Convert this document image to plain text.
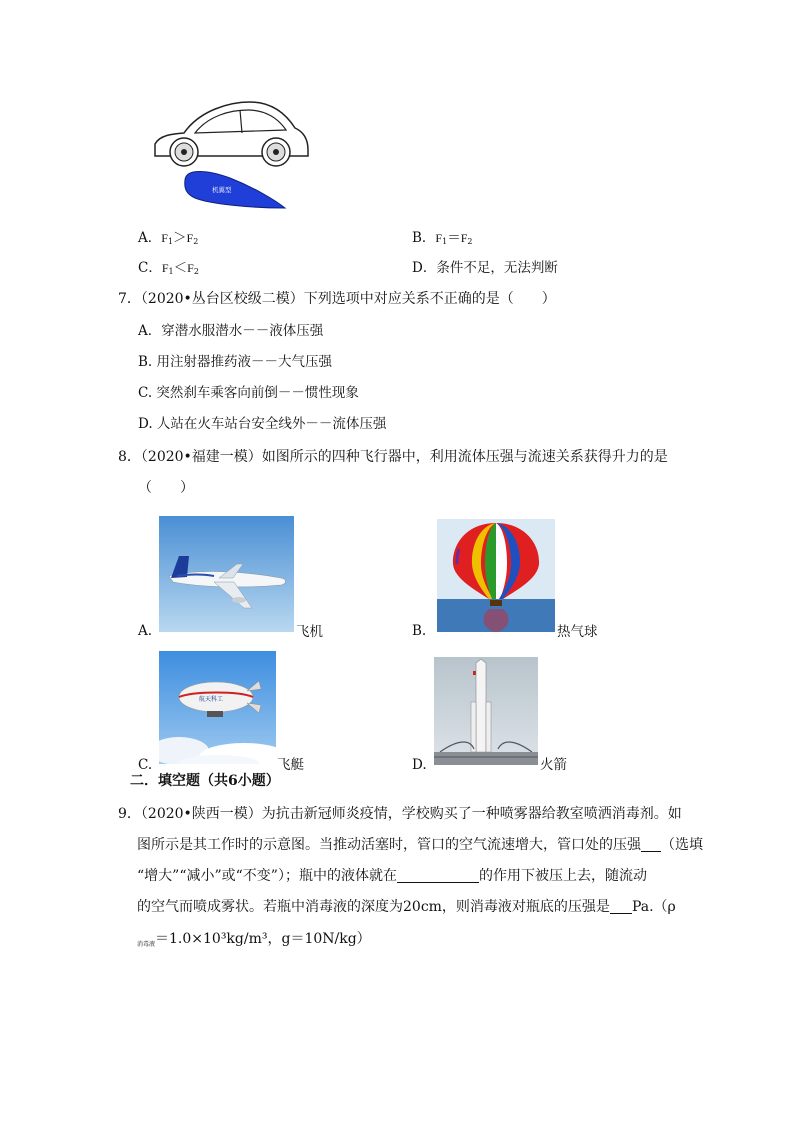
机翼型
A．$F_1>F_2$	B．$F_1=F_2$
C．$F_1<F_2$	D．条件不足，无法判断
7．（2020•丛台区校级二模）下列选项中对应关系不正确的是（　　）
A．穿潜水服潜水－－液体压强
B. 用注射器推药液－－大气压强
C. 突然刹车乘客向前倒－－惯性现象
D. 人站在火车站台安全线外－－流体压强
8．（2020•福建一模）如图所示的四种飞行器中，利用流体压强与流速关系获得升力的是
（　　）
A.	飞机	B.	热气球
航天科工
C.	飞艇	D.	火箭
二．填空题（共6小题）
9．（2020•陕西一模）为抗击新冠师炎疫情，学校购买了一种喷雾器给教室喷洒消毒剂。如
图所示是其工作时的示意图。当推动活塞时，管口的空气流速增大，管口处的压强 （选填
“增大”“减小”或“不变”）；瓶中的液体就在	的作用下被压上去，随流动
的空气而喷成雾状。若瓶中消毒液的深度为20cm，则消毒液对瓶底的压强是 Pa.（ρ
$_{消毒液}$＝1.0×10³kg/m³，g＝10N/kg）
